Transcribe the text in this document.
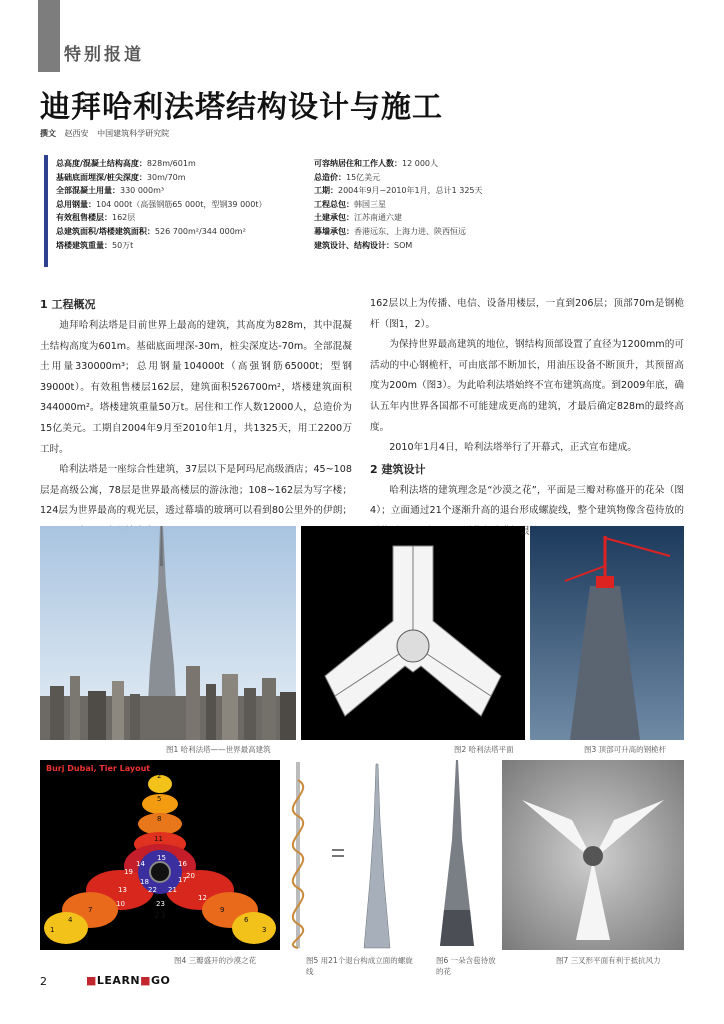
特别报道
迪拜哈利法塔结构设计与施工
撰文 赵西安 中国建筑科学研究院
总高度/混凝土结构高度：828m/601m
基础底面埋深/桩尖深度：30m/70m
全部混凝土用量：330 000m³
总用钢量：104 000t（高强钢筋65 000t，型钢39 000t）
有效租售楼层：162层
总建筑面积/塔楼建筑面积：526 700m²/344 000m²
塔楼建筑重量：50万t
可容纳居住和工作人数：12 000人
总造价：15亿美元
工期：2004年9月~2010年1月，总计1 325天
工程总包：韩国三星
土建承包：江苏南通六建
幕墙承包：香港远东、上海力进、陕西恒远
建筑设计、结构设计：SOM
1 工程概况

迪拜哈利法塔是目前世界上最高的建筑，其高度为828m，其中混凝土结构高度为601m。基础底面埋深-30m，桩尖深度达-70m。全部混凝土用量330000m³；总用钢量104000t（高强钢筋65000t；型钢39000t）。有效租售楼层162层，建筑面积526700m²，塔楼建筑面积344000m²。塔楼建筑重量50万t。居住和工作人数12000人，总造价为15亿美元。工期自2004年9月至2010年1月，共1325天，用工2200万工时。

哈利法塔是一座综合性建筑，37层以下是阿玛尼高级酒店；45~108层是高级公寓，78层是世界最高楼层的游泳池；108~162层为写字楼；124层为世界最高的观光层，透过幕墙的玻璃可以看到80公里外的伊朗；

162层以上为传播、电信、设备用楼层，一直到206层；顶部70m是钢桅杆（图1，2）。

为保持世界最高建筑的地位，钢结构顶部设置了直径为1200mm的可活动的中心钢桅杆，可由底部不断加长，用油压设备不断顶升，其预留高度为200m（图3）。为此哈利法塔始终不宣布建筑高度。到2009年底，确认五年内世界各国都不可能建成更高的建筑，才最后确定828m的最终高度。

2010年1月4日，哈利法塔举行了开幕式，正式宣布建成。

2 建筑设计

哈利法塔的建筑理念是“沙漠之花”，平面是三瓣对称盛开的花朵（图4）；立面通过21个逐渐升高的退台形成螺旋线，整个建筑物像含苞待放的 眼的

图1 哈利法塔——世界最高建筑	图2 哈利法塔平面	图3 顶部可升高的钢桅杆
Burj Dubai, Tier Layout
23
2
5
8
11
14
15
16
17
18
19
21
22
23
20
13
12
10
7
4
1
9
6
3
图4 三瓣盛开的沙漠之花	图5 用21个退台构成立面的螺旋线
图6 一朵含苞待放的花
图7 三叉形平面有利于抵抗风力
2	■LEARN■GO
